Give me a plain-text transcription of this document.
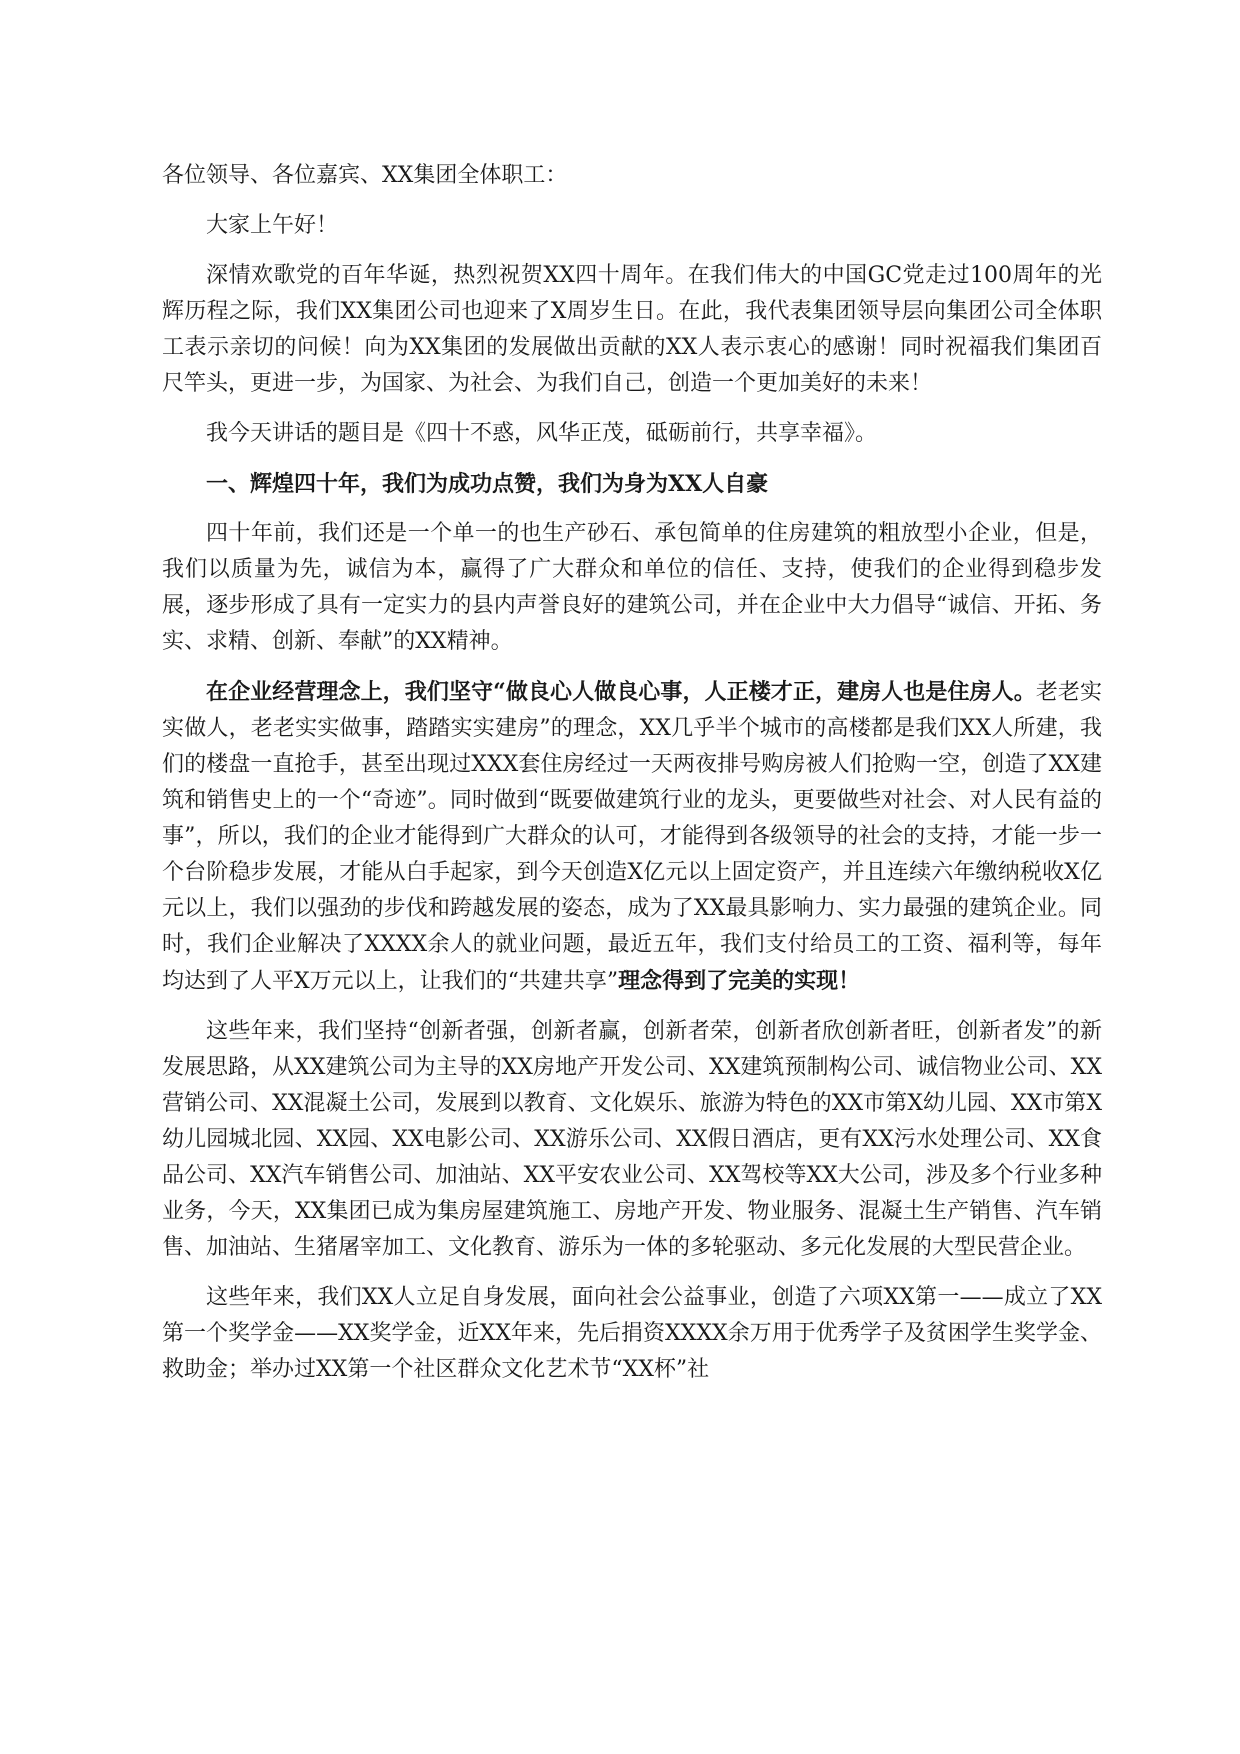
各位领导、各位嘉宾、XX集团全体职工：

大家上午好！

深情欢歌党的百年华诞，热烈祝贺XX四十周年。在我们伟大的中国GC党走过100周年的光辉历程之际，我们XX集团公司也迎来了X周岁生日。在此，我代表集团领导层向集团公司全体职工表示亲切的问候！向为XX集团的发展做出贡献的XX人表示衷心的感谢！同时祝福我们集团百尺竿头，更进一步，为国家、为社会、为我们自己，创造一个更加美好的未来！

我今天讲话的题目是《四十不惑，风华正茂，砥砺前行，共享幸福》。

一、辉煌四十年，我们为成功点赞，我们为身为XX人自豪

四十年前，我们还是一个单一的也生产砂石、承包简单的住房建筑的粗放型小企业，但是，我们以质量为先，诚信为本，赢得了广大群众和单位的信任、支持，使我们的企业得到稳步发展，逐步形成了具有一定实力的县内声誉良好的建筑公司，并在企业中大力倡导“诚信、开拓、务实、求精、创新、奉献”的XX精神。

在企业经营理念上，我们坚守“做良心人做良心事，人正楼才正，建房人也是住房人。老老实实做人，老老实实做事，踏踏实实建房”的理念，XX几乎半个城市的高楼都是我们XX人所建，我们的楼盘一直抢手，甚至出现过XXX套住房经过一天两夜排号购房被人们抢购一空，创造了XX建筑和销售史上的一个“奇迹”。同时做到“既要做建筑行业的龙头，更要做些对社会、对人民有益的事”，所以，我们的企业才能得到广大群众的认可，才能得到各级领导的社会的支持，才能一步一个台阶稳步发展，才能从白手起家，到今天创造X亿元以上固定资产，并且连续六年缴纳税收X亿元以上，我们以强劲的步伐和跨越发展的姿态，成为了XX最具影响力、实力最强的建筑企业。同时，我们企业解决了XXXX余人的就业问题，最近五年，我们支付给员工的工资、福利等，每年均达到了人平X万元以上，让我们的“共建共享”理念得到了完美的实现！

这些年来，我们坚持“创新者强，创新者赢，创新者荣，创新者欣创新者旺，创新者发”的新发展思路，从XX建筑公司为主导的XX房地产开发公司、XX建筑预制构公司、诚信物业公司、XX营销公司、XX混凝土公司，发展到以教育、文化娱乐、旅游为特色的XX市第X幼儿园、XX市第X幼儿园城北园、XX园、XX电影公司、XX游乐公司、XX假日酒店，更有XX污水处理公司、XX食品公司、XX汽车销售公司、加油站、XX平安农业公司、XX驾校等XX大公司，涉及多个行业多种业务，今天，XX集团已成为集房屋建筑施工、房地产开发、物业服务、混凝土生产销售、汽车销售、加油站、生猪屠宰加工、文化教育、游乐为一体的多轮驱动、多元化发展的大型民营企业。

这些年来，我们XX人立足自身发展，面向社会公益事业，创造了六项XX第一——成立了XX第一个奖学金——XX奖学金，近XX年来，先后捐资XXXX余万用于优秀学子及贫困学生奖学金、救助金；举办过XX第一个社区群众文化艺术节“XX杯”社
